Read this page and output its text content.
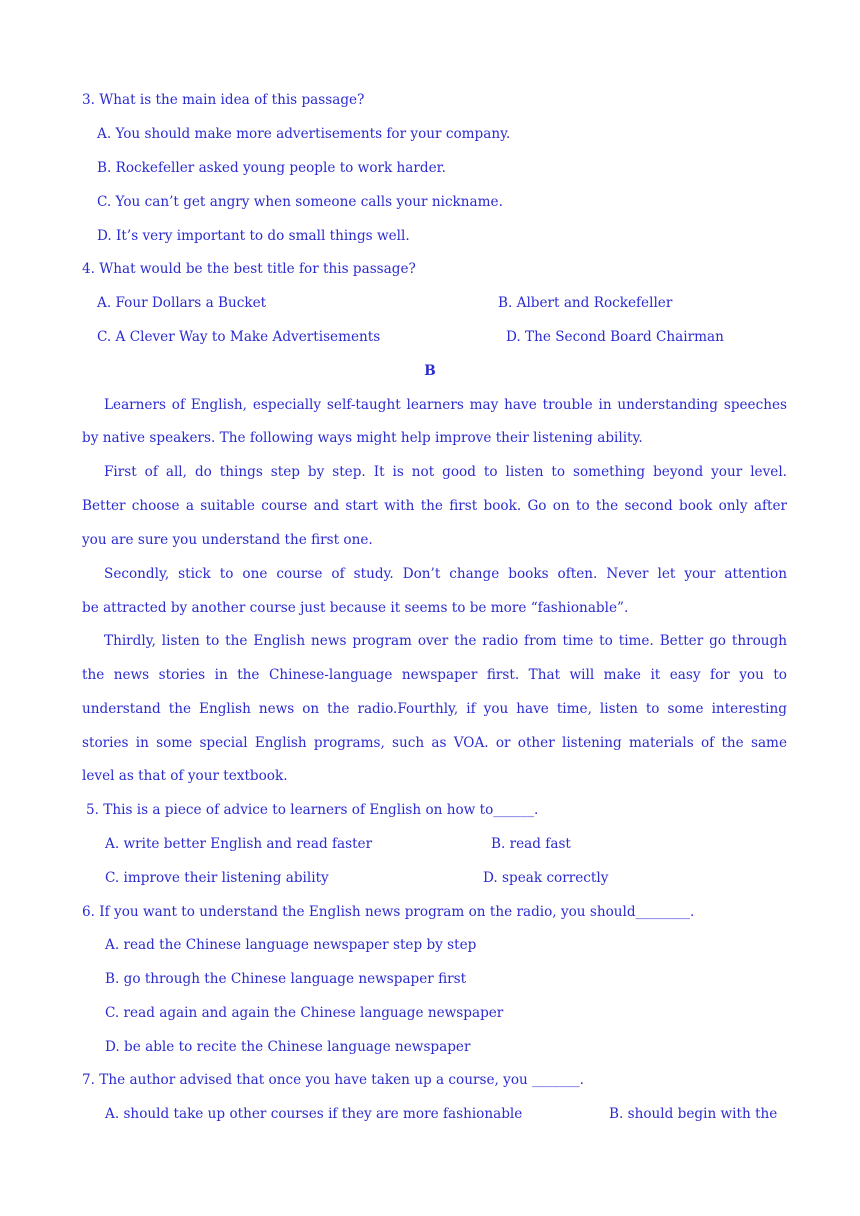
3. What is the main idea of this passage?
A. You should make more advertisements for your company.
B. Rockefeller asked young people to work harder.
C. You can’t get angry when someone calls your nickname.
D. It’s very important to do small things well.
4. What would be the best title for this passage?
A. Four Dollars a Bucket	B. Albert and Rockefeller
C. A Clever Way to Make Advertisements	D. The Second Board Chairman
B
Learners of English, especially self-taught learners may have trouble in understanding speeches
by native speakers. The following ways might help improve their listening ability.
First of all, do things step by step. It is not good to listen to something beyond your level.
Better choose a suitable course and start with the first book. Go on to the second book only after
you are sure you understand the first one.
Secondly, stick to one course of study. Don’t change books often. Never let your attention
be attracted by another course just because it seems to be more “fashionable”.
Thirdly, listen to the English news program over the radio from time to time. Better go through
the news stories in the Chinese-language newspaper first. That will make it easy for you to
understand the English news on the radio.Fourthly, if you have time, listen to some interesting
stories in some special English programs, such as VOA. or other listening materials of the same
level as that of your textbook.
5. This is a piece of advice to learners of English on how to______.
A. write better English and read faster	B. read fast
C. improve their listening ability	D. speak correctly
6. If you want to understand the English news program on the radio, you should________.
A. read the Chinese language newspaper step by step
B. go through the Chinese language newspaper first
C. read again and again the Chinese language newspaper
D. be able to recite the Chinese language newspaper
7. The author advised that once you have taken up a course, you _______.
A. should take up other courses if they are more fashionable	B. should begin with the
